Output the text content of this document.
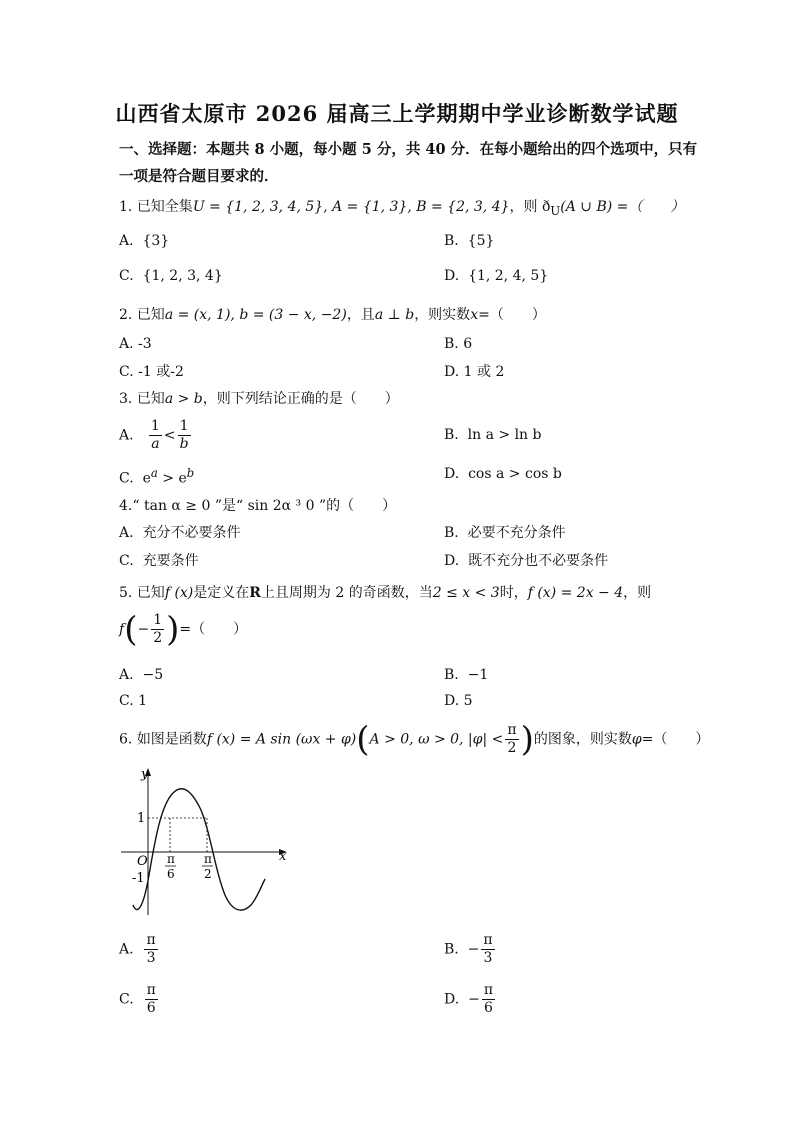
山西省太原市 2026 届高三上学期期中学业诊断数学试题
一、选择题：本题共 8 小题，每小题 5 分，共 40 分．在每小题给出的四个选项中，只有
一项是符合题目要求的．
1. 已知全集U = {1, 2, 3, 4, 5}, A = {1, 3}, B = {2, 3, 4}，则 $ð_U(A$ ∪ B) =（　　）
A. {3}	B. {5}
C. {1, 2, 3, 4}	D. {1, 2, 4, 5}
2. 已知a = (x, 1), b = (3 − x, −2)，且a ⊥ b，则实数x=（　　）
A. -3	B. 6
C. -1 或-2	D. 1 或 2
3. 已知a > b，则下列结论正确的是（　　）
A. $\frac{1}{a} < \frac{1}{b}$	B. ln a > ln b
C. $e^a > e^b$	D. cos a > cos b
4.“ tan α ≥ 0 ”是“ sin 2α ³ 0 ”的（　　）
A. 充分不必要条件	B. 必要不充分条件
C. 充要条件	D. 既不充分也不必要条件
5. 已知f (x)是定义在R上且周期为 2 的奇函数，当2 ≤ x < 3时，f (x) = 2x − 4，则
$f(- \frac{1}{2}$ )=（　　）
A. −5	B. −1
C. 1	D. 5
6. 如图是函数f (x) = A sin (ωx + φ)(A > 0, ω > 0, $|\varphi| < \frac{\pi}{2}$ )的图象，则实数φ=（　　）
y
x
O
1
-1
π
6
π
2
A. $\frac{\pi}{3}$	B. − $\frac{\pi}{3}$
C. $\frac{\pi}{6}$	D. − $\frac{\pi}{6}$
